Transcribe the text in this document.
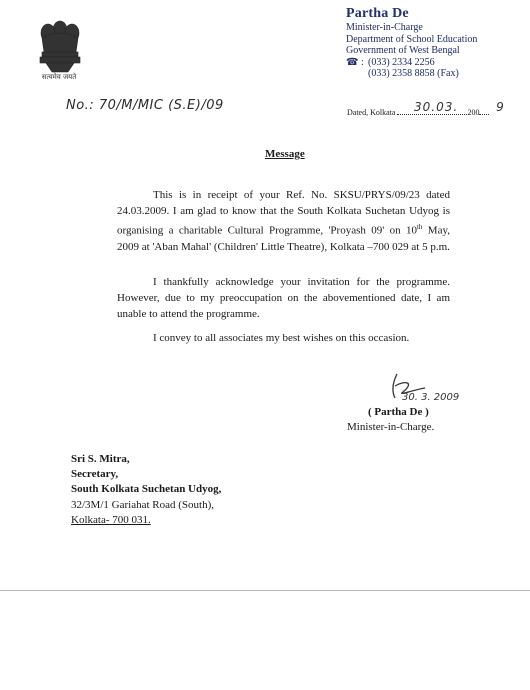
सत्यमेव जयते
Partha De
Minister-in-Charge
Department of School Education
Government of West Bengal
☎ : (033) 2334 2256
(033) 2358 8858 (Fax)
No.: 70/M/MIC (S.E)/09	Dated, Kolkata	200
30.03.	9
Message
This is in receipt of your Ref. No. SKSU/PRYS/09/23 dated 24.03.2009. I am glad to know that the South Kolkata Suchetan Udyog is organising a charitable Cultural Programme, 'Proyash 09' on 10th May, 2009 at 'Aban Mahal' (Children' Little Theatre), Kolkata –700 029 at 5 p.m.
I thankfully acknowledge your invitation for the programme. However, due to my preoccupation on the abovementioned date, I am unable to attend the programme.
I convey to all associates my best wishes on this occasion.
30. 3. 2009
( Partha De )
Minister-in-Charge.
Sri S. Mitra,
Secretary,
South Kolkata Suchetan Udyog,
32/3M/1 Gariahat Road (South),
Kolkata- 700 031.
